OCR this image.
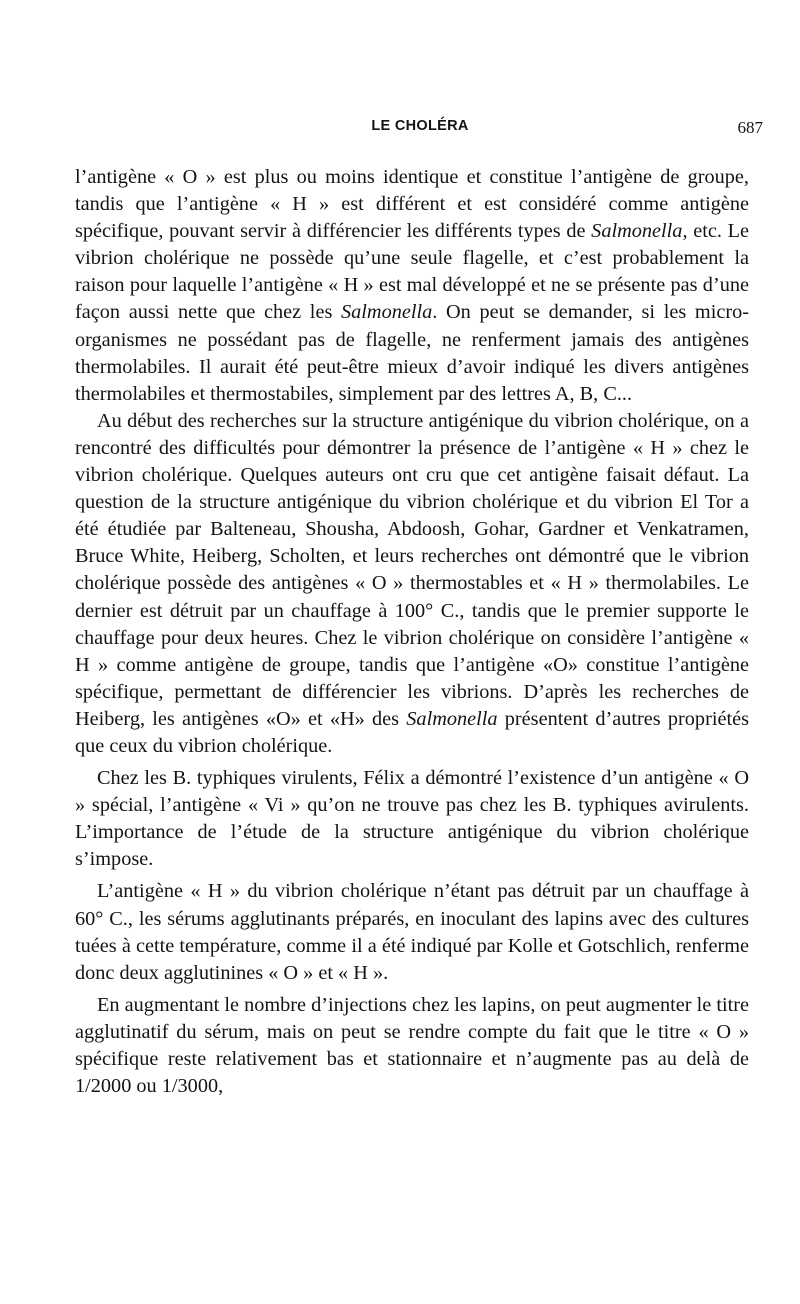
LE CHOLÉRA	687

l’antigène « O » est plus ou moins identique et constitue l’antigène de groupe, tandis que l’antigène « H » est différent et est considéré comme antigène spécifique, pouvant servir à différencier les différents types de Salmonella, etc. Le vibrion cholérique ne possède qu’une seule flagelle, et c’est probablement la raison pour laquelle l’antigène « H » est mal développé et ne se présente pas d’une façon aussi nette que chez les Salmonella. On peut se demander, si les micro-organismes ne possédant pas de flagelle, ne renferment jamais des antigènes thermolabiles. Il aurait été peut-être mieux d’avoir indiqué les divers antigènes thermolabiles et thermostabiles, simplement par des lettres A, B, C...

Au début des recherches sur la structure antigénique du vibrion cholérique, on a rencontré des difficultés pour démontrer la présence de l’antigène « H » chez le vibrion cholérique. Quelques auteurs ont cru que cet antigène faisait défaut. La question de la structure antigénique du vibrion cholérique et du vibrion El Tor a été étudiée par Balteneau, Shousha, Abdoosh, Gohar, Gardner et Venkatramen, Bruce White, Heiberg, Scholten, et leurs recherches ont démontré que le vibrion cholérique possède des antigènes « O » thermostables et « H » thermolabiles. Le dernier est détruit par un chauffage à 100° C., tandis que le premier supporte le chauffage pour deux heures. Chez le vibrion cholérique on considère l’antigène « H » comme antigène de groupe, tandis que l’antigène «O» constitue l’antigène spécifique, permettant de différencier les vibrions. D’après les recherches de Heiberg, les antigènes «O» et «H» des Salmonella présentent d’autres propriétés que ceux du vibrion cholérique.

Chez les B. typhiques virulents, Félix a démontré l’existence d’un antigène « O » spécial, l’antigène « Vi » qu’on ne trouve pas chez les B. typhiques avirulents. L’importance de l’étude de la structure antigénique du vibrion cholérique s’impose.

L’antigène « H » du vibrion cholérique n’étant pas détruit par un chauffage à 60° C., les sérums agglutinants préparés, en inoculant des lapins avec des cultures tuées à cette température, comme il a été indiqué par Kolle et Gotschlich, renferme donc deux agglutinines « O » et « H ».

En augmentant le nombre d’injections chez les lapins, on peut augmenter le titre agglutinatif du sérum, mais on peut se rendre compte du fait que le titre « O » spécifique reste relativement bas et stationnaire et n’augmente pas au delà de 1/2000 ou 1/3000,
